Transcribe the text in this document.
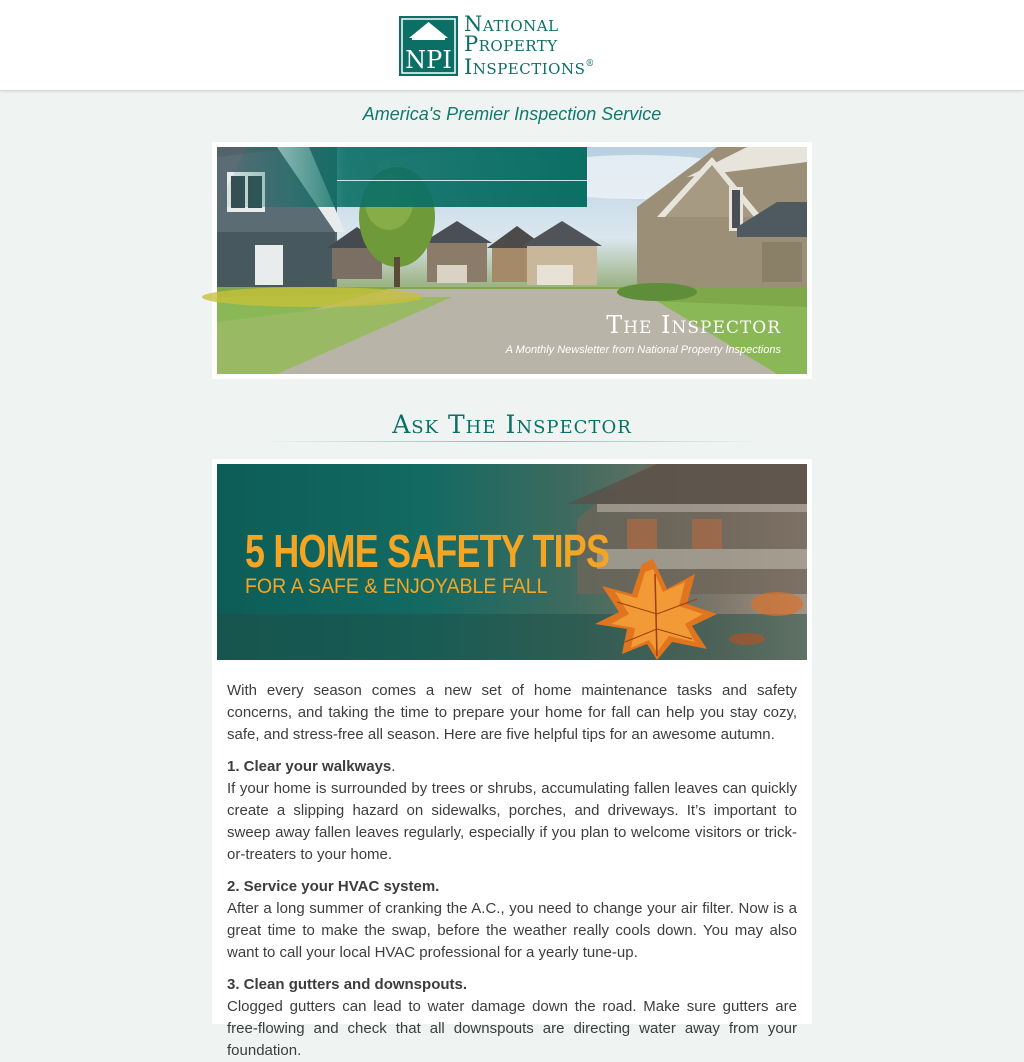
NPI
National
Property
Inspections®
America's Premier Inspection Service
The Inspector
A Monthly Newsletter from National Property Inspections
Ask The Inspector
5 HOME SAFETY TIPS
FOR A SAFE & ENJOYABLE FALL

With every season comes a new set of home maintenance tasks and safety concerns, and taking the time to prepare your home for fall can help you stay cozy, safe, and stress-free all season. Here are five helpful tips for an awesome autumn.

1. Clear your walkways.
If your home is surrounded by trees or shrubs, accumulating fallen leaves can quickly create a slipping hazard on sidewalks, porches, and driveways. It’s important to sweep away fallen leaves regularly, especially if you plan to welcome visitors or trick-or-treaters to your home.

2. Service your HVAC system.
After a long summer of cranking the A.C., you need to change your air filter. Now is a great time to make the swap, before the weather really cools down. You may also want to call your local HVAC professional for a yearly tune-up.

3. Clean gutters and downspouts.
Clogged gutters can lead to water damage down the road. Make sure gutters are free-flowing and check that all downspouts are directing water away from your foundation.
